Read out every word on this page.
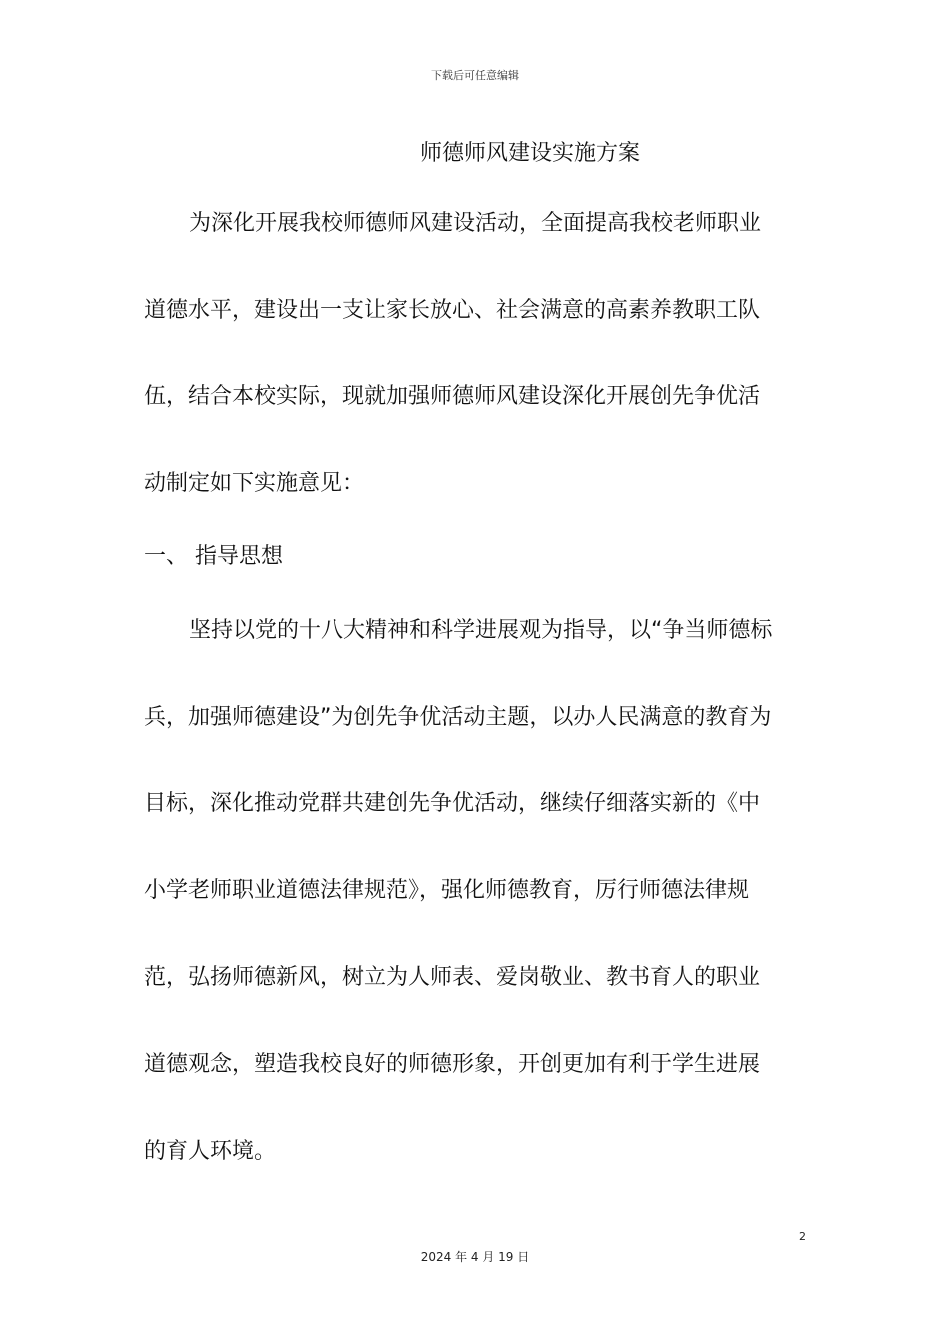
下载后可任意编辑
师德师风建设实施方案
为深化开展我校师德师风建设活动，全面提高我校老师职业
道德水平，建设出一支让家长放心、社会满意的高素养教职工队
伍，结合本校实际，现就加强师德师风建设深化开展创先争优活
动制定如下实施意见：
一、 指导思想
坚持以党的十八大精神和科学进展观为指导，以“争当师德标
兵，加强师德建设”为创先争优活动主题，以办人民满意的教育为
目标，深化推动党群共建创先争优活动，继续仔细落实新的《中
小学老师职业道德法律规范》，强化师德教育，厉行师德法律规
范，弘扬师德新风，树立为人师表、爱岗敬业、教书育人的职业
道德观念，塑造我校良好的师德形象，开创更加有利于学生进展
的育人环境。
2
2024 年 4 月 19 日
